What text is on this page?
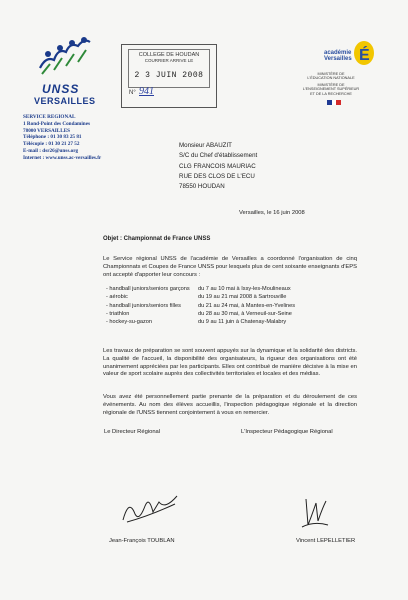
UNSS
VERSAILLES
SERVICE REGIONAL
1 Rond-Point des Condamines
78000 VERSAILLES
Téléphone : 01 30 83 25 81
Télécopie : 01 30 21 27 52
E-mail : dsr26@unss.org
Internet : www.unss.ac-versailles.fr
COLLEGE DE HOUDAN
COURRIER ARRIVE LE
2 3 JUIN 2008
N° 941
É
académie
Versailles
MINISTÈRE DE
L'ÉDUCATION NATIONALE
MINISTÈRE DE
L'ENSEIGNEMENT SUPÉRIEUR
ET DE LA RECHERCHE
Monsieur ABAUZIT
S/C du Chef d'établissement
CLG FRANCOIS MAURIAC
RUE DES CLOS DE L'ECU
78550 HOUDAN
Versailles, le 16 juin 2008
Objet : Championnat de France UNSS
Le Service régional UNSS de l'académie de Versailles a coordonné l'organisation de cinq Championnats et Coupes de France UNSS pour lesquels plus de cent soixante enseignants d'EPS ont accepté d'apporter leur concours :
- handball juniors/seniors garçons du 7 au 10 mai à Issy-les-Moulineaux
- aérobic	du 19 au 21 mai 2008 à Sartrouville
- handball juniors/seniors filles	du 21 au 24 mai, à Mantes-en-Yvelines
- triathlon	du 28 au 30 mai, à Verneuil-sur-Seine
- hockey-su-gazon	du 9 au 11 juin à Chatenay-Malabry
Les travaux de préparation se sont souvent appuyés sur la dynamique et la solidarité des districts. La qualité de l'accueil, la disponibilité des organisateurs, la rigueur des organisations ont été unanimement appréciées par les participants. Elles ont contribué de manière décisive à la mise en valeur de sport scolaire auprès des collectivités territoriales et locales et des médias.
Vous avez été personnellement partie prenante de la préparation et du déroulement de ces événements. Au nom des élèves accueillis, l'inspection pédagogique régionale et la direction régionale de l'UNSS tiennent conjointement à vous en remercier.
Le Directeur Régional	L'Inspecteur Pédagogique Régional
Jean-François TOUBLAN	Vincent LEPELLETIER
